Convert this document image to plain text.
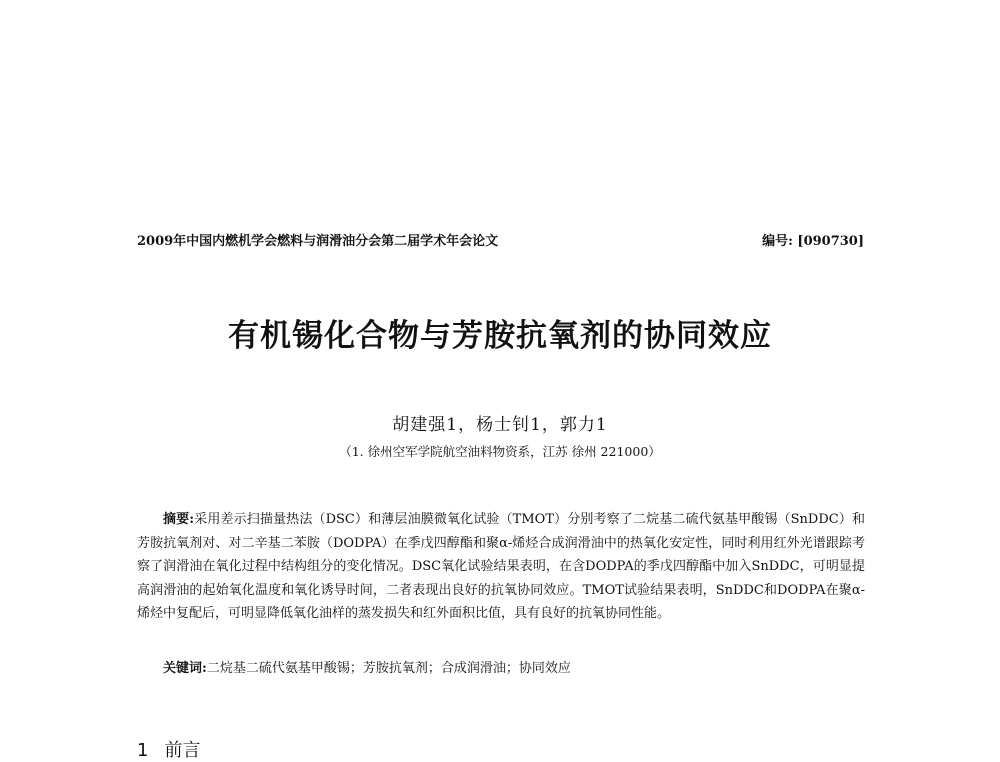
2009年中国内燃机学会燃料与润滑油分会第二届学术年会论文	编号: [090730]
有机锡化合物与芳胺抗氧剂的协同效应
胡建强1，杨士钊1，郭力1
（1. 徐州空军学院航空油料物资系，江苏 徐州 221000）

摘要:采用差示扫描量热法（DSC）和薄层油膜微氧化试验（TMOT）分别考察了二烷基二硫代氨基甲酸锡（SnDDC）和芳胺抗氧剂对、对二辛基二苯胺（DODPA）在季戊四醇酯和聚α-烯烃合成润滑油中的热氧化安定性，同时利用红外光谱跟踪考察了润滑油在氧化过程中结构组分的变化情况。DSC氧化试验结果表明，在含DODPA的季戊四醇酯中加入SnDDC，可明显提高润滑油的起始氧化温度和氧化诱导时间，二者表现出良好的抗氧协同效应。TMOT试验结果表明，SnDDC和DODPA在聚α-烯烃中复配后，可明显降低氧化油样的蒸发损失和红外面积比值，具有良好的抗氧协同性能。

关键词:二烷基二硫代氨基甲酸锡；芳胺抗氧剂；合成润滑油；协同效应
1 前言
